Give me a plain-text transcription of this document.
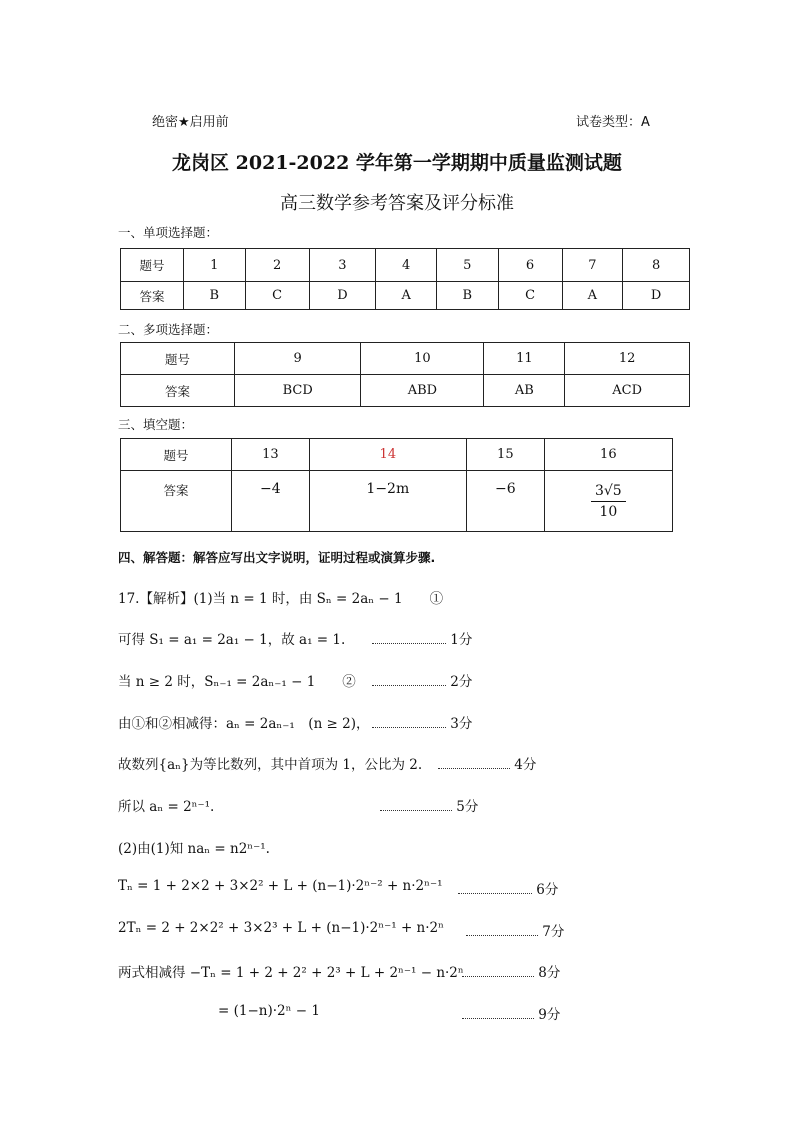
绝密★启用前	试卷类型：A
龙岗区 2021-2022 学年第一学期期中质量监测试题
高三数学参考答案及评分标准
一、单项选择题：
题号	1	2	3	4	5	6	7	8
答案	B	C	D	A	B	C	A	D
二、多项选择题：
题号	9	10	11	12
答案	BCD	ABD	AB	ACD
三、填空题：
题号	13	14	15	16
答案	−4	1−2m	−6	$\frac{3√5}{10}$
四、解答题：解答应写出文字说明，证明过程或演算步骤.
17.【解析】(1)当 n = 1 时，由 Sₙ = 2aₙ − 1　　①
可得 S₁ = a₁ = 2a₁ − 1，故 a₁ = 1.	1分
当 n ≥ 2 时，Sₙ₋₁ = 2aₙ₋₁ − 1　　②	2分
由①和②相减得：aₙ = 2aₙ₋₁　(n ≥ 2)，	3分
故数列{aₙ}为等比数列，其中首项为 1，公比为 2.	4分
所以 aₙ = 2ⁿ⁻¹.	5分
(2)由(1)知 naₙ = n2ⁿ⁻¹.
Tₙ = 1 + 2×2 + 3×2² + L + (n−1)·2ⁿ⁻² + n·2ⁿ⁻¹	6分
2Tₙ = 2 + 2×2² + 3×2³ + L + (n−1)·2ⁿ⁻¹ + n·2ⁿ	7分
两式相减得 −Tₙ = 1 + 2 + 2² + 2³ + L + 2ⁿ⁻¹ − n·2ⁿ	8分
= (1−n)·2ⁿ − 1	9分
